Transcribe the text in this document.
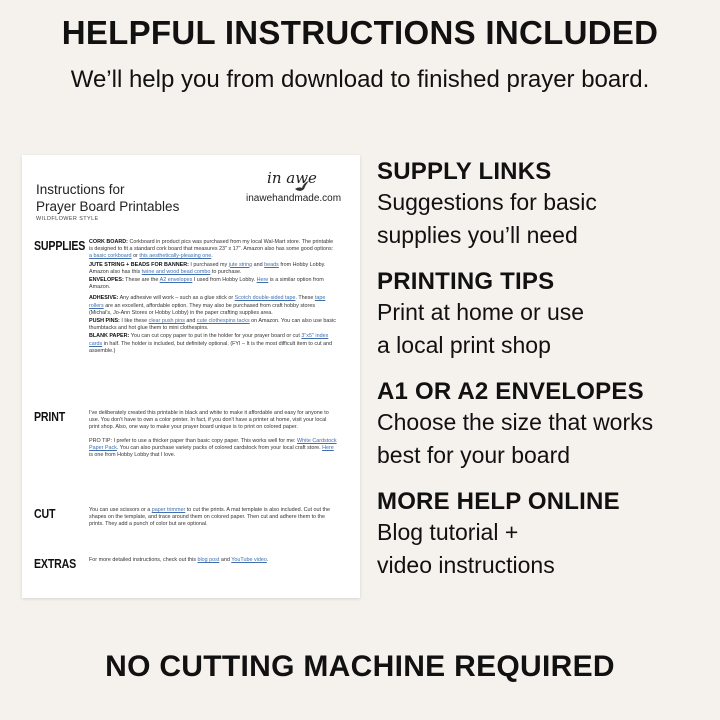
HELPFUL INSTRUCTIONS INCLUDED
We’ll help you from download to finished prayer board.
Instructions for
Prayer Board Printables
WILDFLOWER STYLE
in awe
inawehandmade.com
SUPPLIES CORK BOARD: Corkboard in product pics was purchased from my local Wal-Mart store. The printable is designed to fit a standard cork board that measures 23" x 17". Amazon also has some good options: a basic corkboard or this aesthetically-pleasing one.

JUTE STRING + BEADS FOR BANNER: I purchased my jute string and beads from Hobby Lobby. Amazon also has this twine and wood bead combo to purchase.

ENVELOPES: These are the A2 envelopes I used from Hobby Lobby. Here is a similar option from Amazon.

ADHESIVE: Any adhesive will work – such as a glue stick or Scotch double-sided tape. These tape rollers are an excellent, affordable option. They may also be purchased from craft hobby stores (Michal's, Jo-Ann Stores or Hobby Lobby) in the paper crafting supplies area.

PUSH PINS: I like these clear push pins and cute clothespins tacks on Amazon. You can also use basic thumbtacks and hot glue them to mini clothespins.

BLANK PAPER: You can cut copy paper to put in the holder for your prayer board or cut 3"x5" index cards in half. The holder is included, but definitely optional. (FYI – It is the most difficult item to cut and assemble.)

PRINT	I've deliberately created this printable in black and white to make it affordable and easy for anyone to use. You don't have to own a color printer. In fact, if you don't have a printer at home, visit your local print shop. Also, one way to make your prayer board unique is to print on colored paper.

PRO TIP: I prefer to use a thicker paper than basic copy paper. This works well for me: White Cardstock Paper Pack. You can also purchase variety packs of colored cardstock from your local craft store. Here is one from Hobby Lobby that I love.

CUT	You can use scissors or a paper trimmer to cut the prints. A mat template is also included. Cut out the shapes on the template, and trace around them on colored paper. Then cut and adhere them to the prints. They add a punch of color but are optional.

EXTRAS	For more detailed instructions, check out this blog post and YouTube video.

SUPPLY LINKS
Suggestions for basic
supplies you’ll need
PRINTING TIPS
Print at home or use
a local print shop
A1 OR A2 ENVELOPES
Choose the size that works
best for your board
MORE HELP ONLINE
Blog tutorial +
video instructions
NO CUTTING MACHINE REQUIRED
